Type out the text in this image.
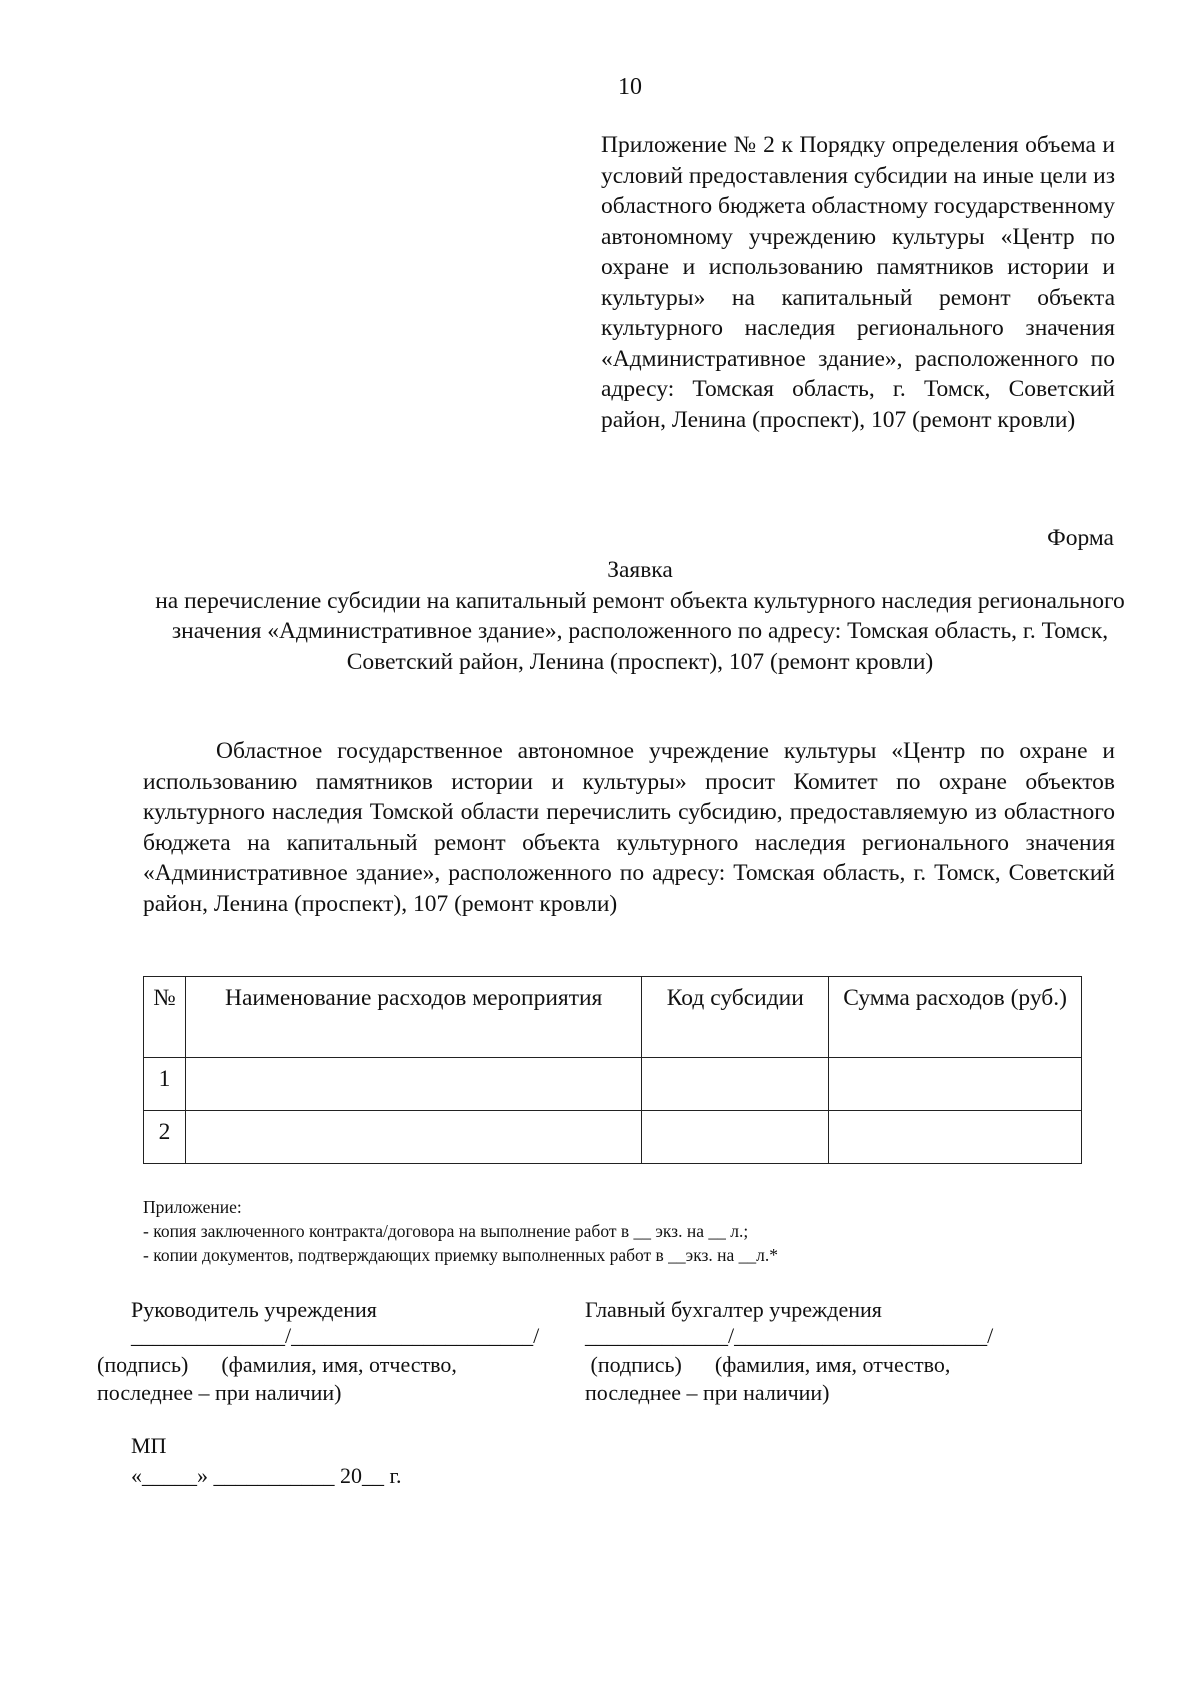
10
Приложение № 2 к Порядку определения объема и условий предоставления субсидии на иные цели из областного бюджета областному государственному автономному учреждению культуры «Центр по охране и использованию памятников истории и культуры» на капитальный ремонт объекта культурного наследия регионального значения «Административное здание», расположенного по адресу: Томская область, г. Томск, Советский район, Ленина (проспект), 107 (ремонт кровли)
Форма
Заявка
на перечисление субсидии на капитальный ремонт объекта культурного наследия регионального значения «Административное здание», расположенного по адресу: Томская область, г. Томск, Советский район, Ленина (проспект), 107 (ремонт кровли)
Областное государственное автономное учреждение культуры «Центр по охране и использованию памятников истории и культуры» просит Комитет по охране объектов культурного наследия Томской области перечислить субсидию, предоставляемую из областного бюджета на капитальный ремонт объекта культурного наследия регионального значения «Административное здание», расположенного по адресу: Томская область, г. Томск, Советский район, Ленина (проспект), 107 (ремонт кровли)
№	Наименование расходов мероприятия	Код субсидии	Сумма расходов (руб.)
1			
2			
Приложение:
- копия заключенного контракта/договора на выполнение работ в __ экз. на __ л.;
- копии документов, подтверждающих приемку выполненных работ в __экз. на __л.*
Руководитель учреждения	Главный бухгалтер учреждения
______________/______________________/ _____________/_______________________/
(подпись)      (фамилия, имя, отчество,
последнее – при наличии)
(подпись)      (фамилия, имя, отчество,
последнее – при наличии)
МП
«_____» ___________ 20__ г.
